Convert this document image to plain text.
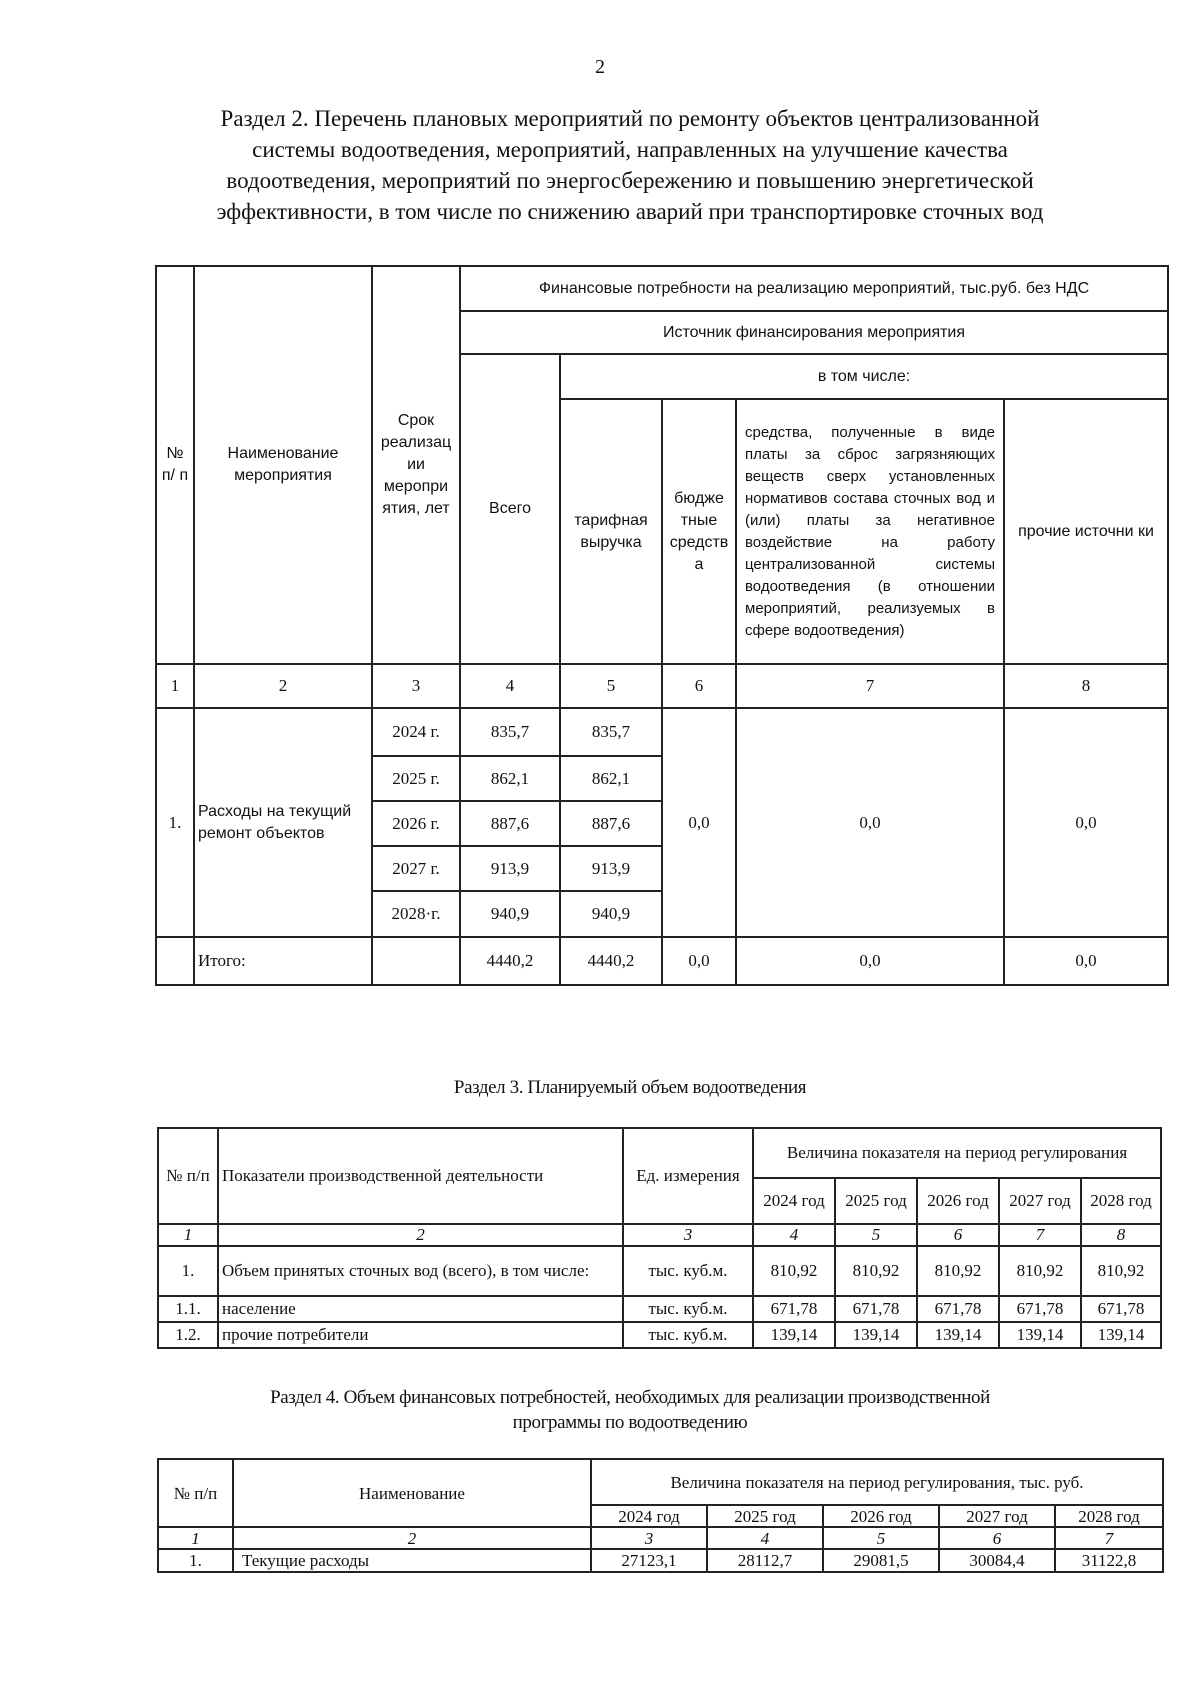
2

Раздел 2. Перечень плановых мероприятий по ремонту объектов централизованной

системы водоотведения, мероприятий, направленных на улучшение качества

водоотведения, мероприятий по энергосбережению и повышению энергетической

эффективности, в том числе по снижению аварий при транспортировке сточных вод

№ п/ п	Наименование мероприятия	Срок реализац ии меропри ятия, лет	Финансовые потребности на реализацию мероприятий, тыс.руб. без НДС				
			Источник финансирования мероприятия				
			Всего	в том числе:			
				тарифная выручка	бюдже тные средств а	средства, полученные в виде платы за сброс загрязняющих веществ сверх установленных нормативов состава сточных вод и (или) платы за негативное воздействие на работу централизованной системы водоотведения (в отношении мероприятий, реализуемых в сфере водоотведения)	прочие источни ки
1	2	3	4	5	6	7	8
1.	Расходы на текущий ремонт объектов	2024 г.	835,7	835,7	0,0	0,0	0,0
		2025 г.	862,1	862,1			
		2026 г.	887,6	887,6			
		2027 г.	913,9	913,9			
		2028·г.	940,9	940,9			
	Итого:		4440,2	4440,2	0,0	0,0	0,0
Раздел 3. Планируемый объем водоотведения
№ п/п	Показатели производственной деятельности	Ед. измерения	Величина показателя на период регулирования				
			2024 год	2025 год	2026 год	2027 год	2028 год
1	2	3	4	5	6	7	8
1.	Объем принятых сточных вод (всего), в том числе:	тыс. куб.м.	810,92	810,92	810,92	810,92	810,92
1.1.	население	тыс. куб.м.	671,78	671,78	671,78	671,78	671,78
1.2.	прочие потребители	тыс. куб.м.	139,14	139,14	139,14	139,14	139,14

Раздел 4. Объем финансовых потребностей, необходимых для реализации производственной

программы по водоотведению

№ п/п	Наименование	Величина показателя на период регулирования, тыс. руб.				
		2024 год	2025 год	2026 год	2027 год	2028 год
1	2	3	4	5	6	7
1.	Текущие расходы	27123,1	28112,7	29081,5	30084,4	31122,8
